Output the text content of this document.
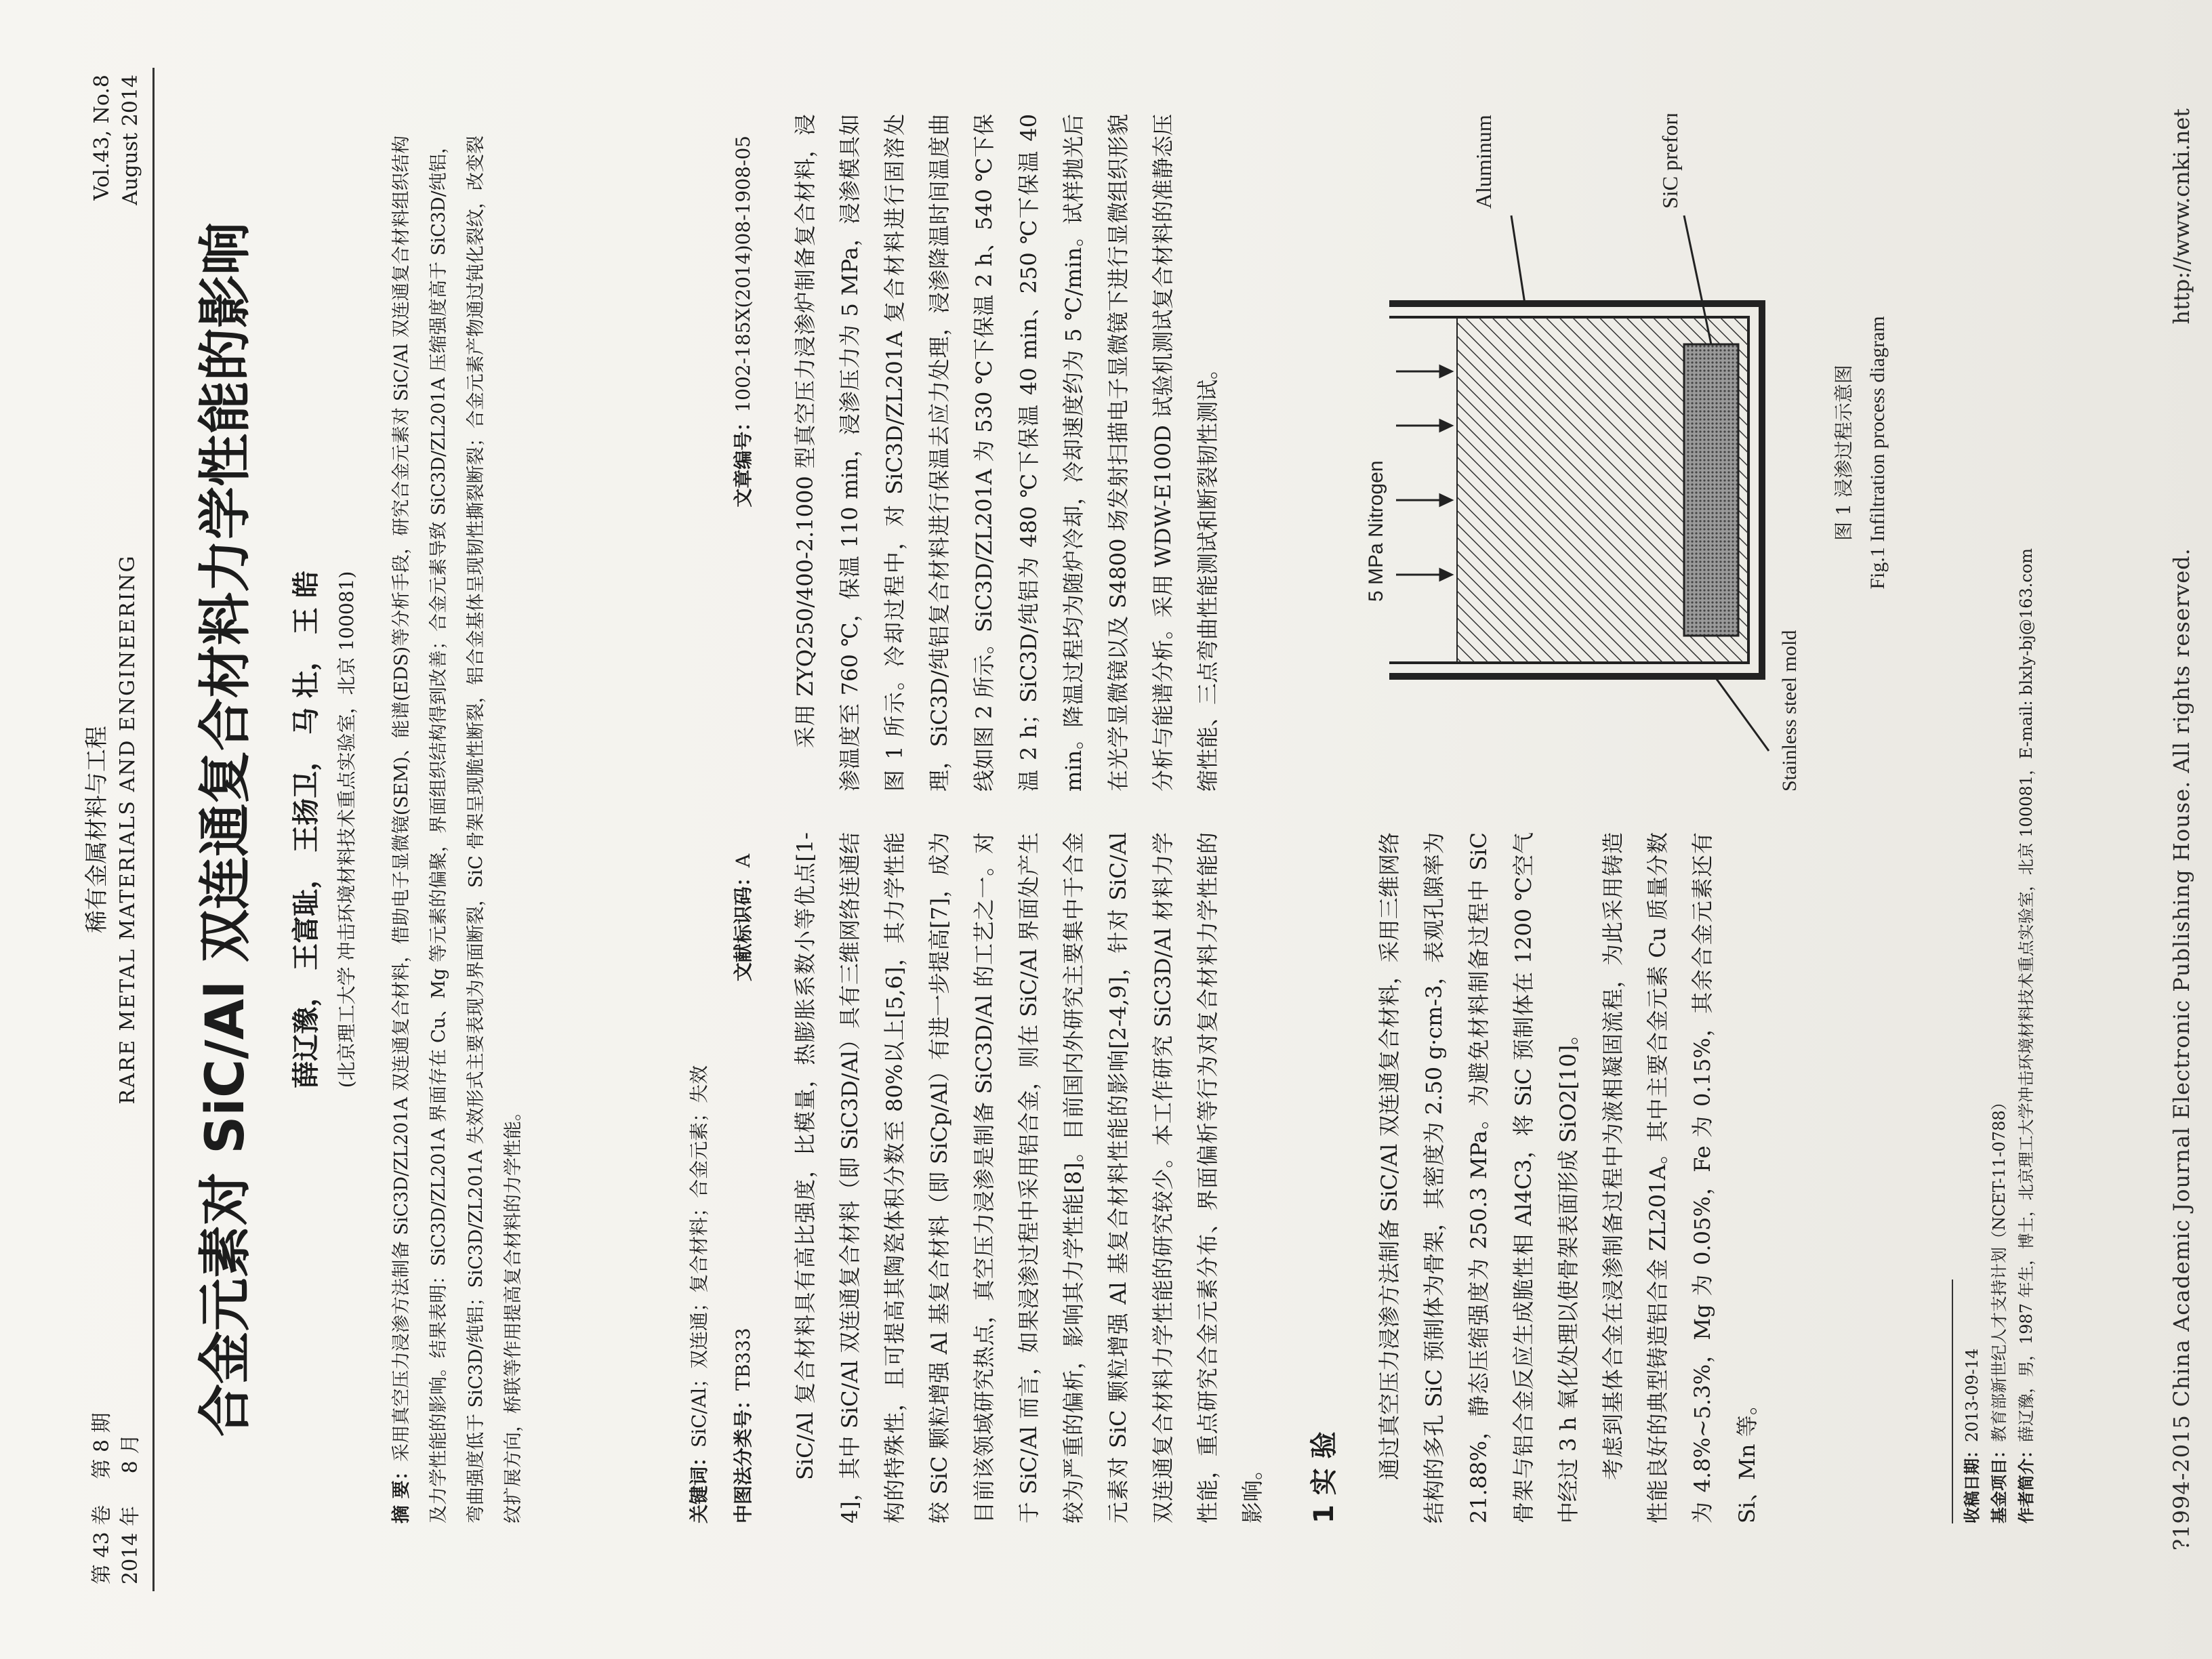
第 43 卷    第 8 期
2014 年     8 月
稀有金属材料与工程 RARE METAL MATERIALS AND ENGINEERING
Vol.43, No.8 August 2014
合金元素对 SiC/Al 双连通复合材料力学性能的影响 薛辽豫， 王富耻， 王扬卫， 马 壮， 王 皓 (北京理工大学 冲击环境材料技术重点实验室，北京 100081)
摘 要：采用真空压力浸渗方法制备 SiC3D/ZL201A 双连通复合材料，借助电子显微镜(SEM)、能谱(EDS)等分析手段，研究合金元素对 SiC/Al 双连通复合材料组织结构及力学性能的影响。结果表明：SiC3D/ZL201A 界面存在 Cu、Mg 等元素的偏聚，界面组织结构得到改善；合金元素导致 SiC3D/ZL201A 压缩强度高于 SiC3D/纯铝，弯曲强度低于 SiC3D/纯铝；SiC3D/ZL201A 失效形式主要表现为界面断裂，SiC 骨架呈现脆性断裂，铝合金基体呈现韧性撕裂断裂；合金元素产物通过钝化裂纹，改变裂纹扩展方向，桥联等作用提高复合材料的力学性能。	关键词：SiC/Al；双连通；复合材料；合金元素；失效
中图法分类号：TB333
文献标识码：A
文章编号：1002-185X(2014)08-1908-05
SiC/Al 复合材料具有高比强度，比模量，热膨胀系数小等优点[1-4]，其中 SiC/Al 双连通复合材料（即 SiC3D/Al）具有三维网络连通结构的特殊性，且可提高其陶瓷体积分数至 80%以上[5,6]，其力学性能较 SiC 颗粒增强 Al 基复合材料（即 SiCp/Al）有进一步提高[7]，成为目前该领域研究热点，真空压力浸渗是制备 SiC3D/Al 的工艺之一。对于 SiC/Al 而言，如果浸渗过程中采用铝合金，则在 SiC/Al 界面处产生较为严重的偏析，影响其力学性能[8]。目前国内外研究主要集中于合金元素对 SiC 颗粒增强 Al 基复合材料性能的影响[2-4,9]，针对 SiC/Al 双连通复合材料力学性能的研究较少。本工作研究 SiC3D/Al 材料力学性能，重点研究合金元素分布、界面偏析等行为对复合材料力学性能的影响。	1 实 验	通过真空压力浸渗方法制备 SiC/Al 双连通复合材料，采用三维网络结构的多孔 SiC 预制体为骨架，其密度为 2.50 g·cm-3，表观孔隙率为 21.88%，静态压缩强度为 250.3 MPa。为避免材料制备过程中 SiC 骨架与铝合金反应生成脆性相 Al4C3，将 SiC 预制体在 1200 ℃空气中经过 3 h 氧化处理以使骨架表面形成 SiO2[10]。 考虑到基体合金在浸渗制备过程中为液相凝固流程，为此采用铸造性能良好的典型铸造铝合金 ZL201A。其中主要合金元素 Cu 质量分数为 4.8%~5.3%，Mg 为 0.05%，Fe 为 0.15%，其余合金元素还有 Si、Mn 等。
采用 ZYQ250/400-2.1000 型真空压力浸渗炉制备复合材料，浸渗温度至 760 ℃，保温 110 min，浸渗压力为 5 MPa，浸渗模具如图 1 所示。冷却过程中，对 SiC3D/ZL201A 复合材料进行固溶处理，SiC3D/纯铝复合材料进行保温去应力处理，浸渗降温时间温度曲线如图 2 所示。SiC3D/ZL201A 为 530 ℃下保温 2 h、540 ℃下保温 2 h；SiC3D/纯铝为 480 ℃下保温 40 min、250 ℃下保温 40 min。降温过程均为随炉冷却，冷却速度约为 5 ℃/min。试样抛光后在光学显微镜以及 S4800 场发射扫描电子显微镜下进行显微组织形貌分析与能谱分析。采用 WDW-E100D 试验机测试复合材料的准静态压缩性能、三点弯曲性能测试和断裂韧性测试。	5 MPa Nitrogen
Aluminum alloy	SiC preform
Stainless steel mold
图 1 浸渗过程示意图 Fig.1 Infiltration process diagram
收稿日期：2013-09-14
基金项目：教育部新世纪人才支持计划（NCET-11-0788）
作者简介：薛辽豫，男，1987 年生，博士，北京理工大学冲击环境材料技术重点实验室，北京 100081，E-mail: blxly-bj@163.com	?1994-2015 China Academic Journal Electronic Publishing House. All rights reserved.
http://www.cnki.net
